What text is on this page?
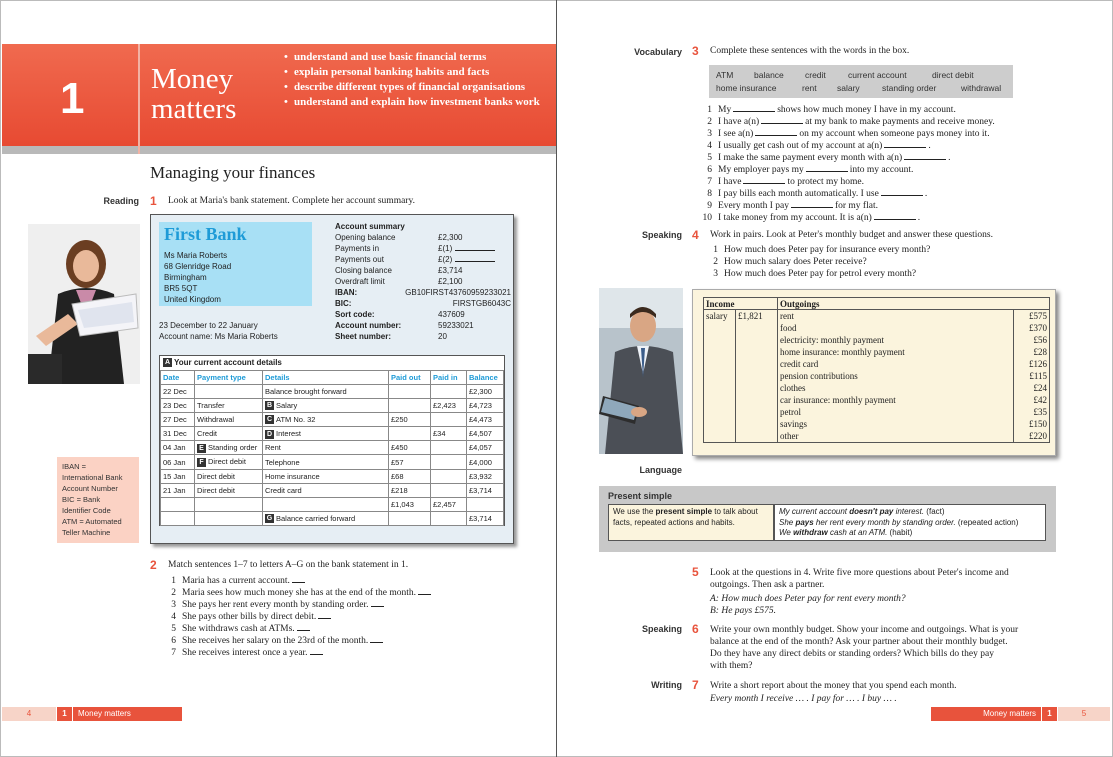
1 Money
matters
• understand and use basic financial terms
• explain personal banking habits and facts
• describe different types of financial organisations
• understand and explain how investment banks work
Managing your finances
Reading 1 Look at Maria's bank statement. Complete her account summary.
First Bank
Ms Maria Roberts
68 Glenridge Road
Birmingham
BR5 5QT
United Kingdom
Account summary
Opening balance	£2,300
Payments in	£(1)
Payments out	£(2)
Closing balance	£3,714
Overdraft limit	£2,100
IBAN:	GB10FIRST43760959233021
BIC:	FIRSTGB6043C
Sort code:	437609
Account number:	59233021
Sheet number:	20
23 December to 22 January
Account name: Ms Maria Roberts
A Your current account details
Date	Payment type	Details	Paid out	Paid in	Balance
22 Dec		Balance brought forward			£2,300
23 Dec	Transfer	B Salary		£2,423	£4,723
27 Dec	Withdrawal	C ATM No. 32	£250		£4,473
31 Dec	Credit	D Interest		£34	£4,507
04 Jan	E Standing order	Rent	£450		£4,057
06 Jan	F Direct debit	Telephone	£57		£4,000
15 Jan	Direct debit	Home insurance	£68		£3,932
21 Jan	Direct debit	Credit card	£218		£3,714
			£1,043	£2,457	
		G Balance carried forward			£3,714
IBAN =
International Bank
Account Number
BIC = Bank
Identifier Code
ATM = Automated
Teller Machine
2 Match sentences 1–7 to letters A–G on the bank statement in 1.
1 Maria has a current account.
2 Maria sees how much money she has at the end of the month.
3 She pays her rent every month by standing order.
4 She pays other bills by direct debit.
5 She withdraws cash at ATMs.
6 She receives her salary on the 23rd of the month.
7 She receives interest once a year.
4	1 Money matters
Vocabulary 3 Complete these sentences with the words in the box.
ATM balance credit	current account	direct debit
home insurance	rent salary	standing order	withdrawal
1 My	shows how much money I have in my account.
2 I have a(n)	at my bank to make payments and receive money.
3 I see a(n)	on my account when someone pays money into it.
4 I usually get cash out of my account at a(n)	.
5 I make the same payment every month with a(n)	.
6 My employer pays my	into my account.
7 I have	to protect my home.
8 I pay bills each month automatically. I use	.
9 Every month I pay	for my flat.
10 I take money from my account. It is a(n)	.
Speaking 4 Work in pairs. Look at Peter's monthly budget and answer these questions.
1 How much does Peter pay for insurance every month?
2 How much salary does Peter receive?
3 How much does Peter pay for petrol every month?
Income		Outgoings	
salary	£1,821	rent	£575
		food	£370
		electricity: monthly payment	£56
		home insurance: monthly payment	£28
		credit card	£126
		pension contributions	£115
		clothes	£24
		car insurance: monthly payment	£42
		petrol	£35
		savings	£150
		other	£220
Language
Present simple
We use the present simple to talk about facts, repeated actions and habits.
My current account doesn't pay interest. (fact)
She pays her rent every month by standing order. (repeated action)
We withdraw cash at an ATM. (habit)
5 Look at the questions in 4. Write five more questions about Peter's income and
outgoings. Then ask a partner.
A: How much does Peter pay for rent every month?
B: He pays £575.
Speaking 6 Write your own monthly budget. Show your income and outgoings. What is your
balance at the end of the month? Ask your partner about their monthly budget.
Do they have any direct debits or standing orders? Which bills do they pay
with them?
Writing 7 Write a short report about the money that you spend each month.
Every month I receive … . I pay for … . I buy … .
Money matters 1	5
